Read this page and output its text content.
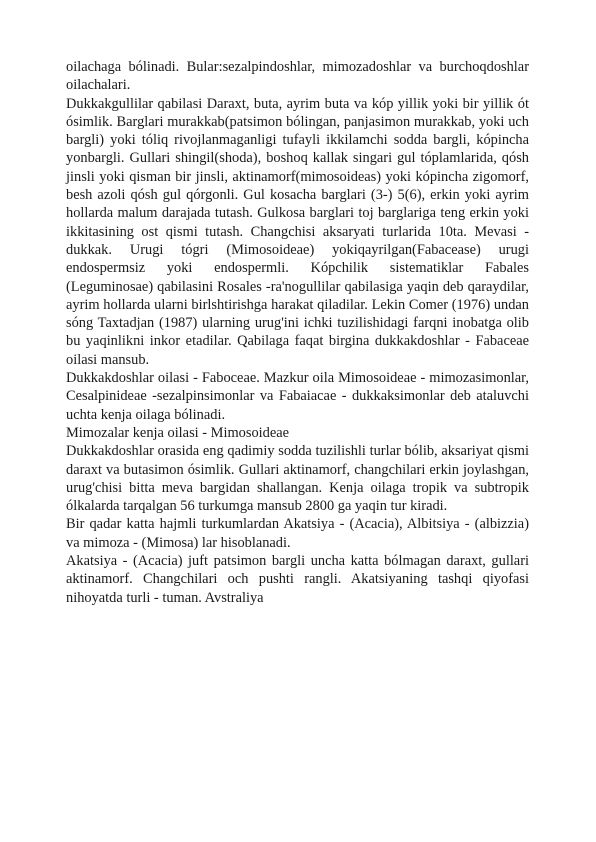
oilachaga bólinadi. Bular:sezalpindoshlar, mimozadoshlar va burchoqdoshlar oilachalari.

Dukkakgullilar qabilasi Daraxt, buta, ayrim buta va kóp yillik yoki bir yillik ót ósimlik. Barglari murakkab(patsimon bólingan, panjasimon murakkab, yoki uch bargli) yoki tóliq rivojlanmaganligi tufayli ikkilamchi sodda bargli, kópincha yonbargli. Gullari shingil(shoda), boshoq kallak singari gul tóplamlarida, qósh jinsli yoki qisman bir jinsli, aktinamorf(mimosoideas) yoki kópincha zigomorf, besh azoli qósh gul qórgonli. Gul kosacha barglari (3-) 5(6), erkin yoki ayrim hollarda malum darajada tutash. Gulkosa barglari toj barglariga teng erkin yoki ikkitasining ost qismi tutash. Changchisi aksaryati turlarida 10ta. Mevasi -dukkak. Urugi tógri (Mimosoideae) yokiqayrilgan(Fabacease) urugi endospermsiz yoki endospermli. Kópchilik sistematiklar Fabales (Leguminosae) qabilasini Rosales -ra'nogullilar qabilasiga yaqin deb qaraydilar, ayrim hollarda ularni birlshtirishga harakat qiladilar. Lekin Comer (1976) undan sóng Taxtadjan (1987) ularning urug'ini ichki tuzilishidagi farqni inobatga olib bu yaqinlikni inkor etadilar. Qabilaga faqat birgina dukkakdoshlar - Fabaceae oilasi mansub.

Dukkakdoshlar oilasi - Faboceae. Mazkur oila Mimosoideae - mimozasimonlar, Cesalpinideae -sezalpinsimonlar va Fabaiacae - dukkaksimonlar deb ataluvchi uchta kenja oilaga bólinadi.

Mimozalar kenja oilasi - Mimosoideae

Dukkakdoshlar orasida eng qadimiy sodda tuzilishli turlar bólib, aksariyat qismi daraxt va butasimon ósimlik. Gullari aktinamorf, changchilari erkin joylashgan, urug'chisi bitta meva bargidan shallangan. Kenja oilaga tropik va subtropik ólkalarda tarqalgan 56 turkumga mansub 2800 ga yaqin tur kiradi.

Bir qadar katta hajmli turkumlardan Akatsiya - (Acacia), Albitsiya - (albizzia) va mimoza - (Mimosa) lar hisoblanadi.

Akatsiya - (Acacia) juft patsimon bargli uncha katta bólmagan daraxt, gullari aktinamorf. Changchilari och pushti rangli. Akatsiyaning tashqi qiyofasi nihoyatda turli - tuman. Avstraliya
